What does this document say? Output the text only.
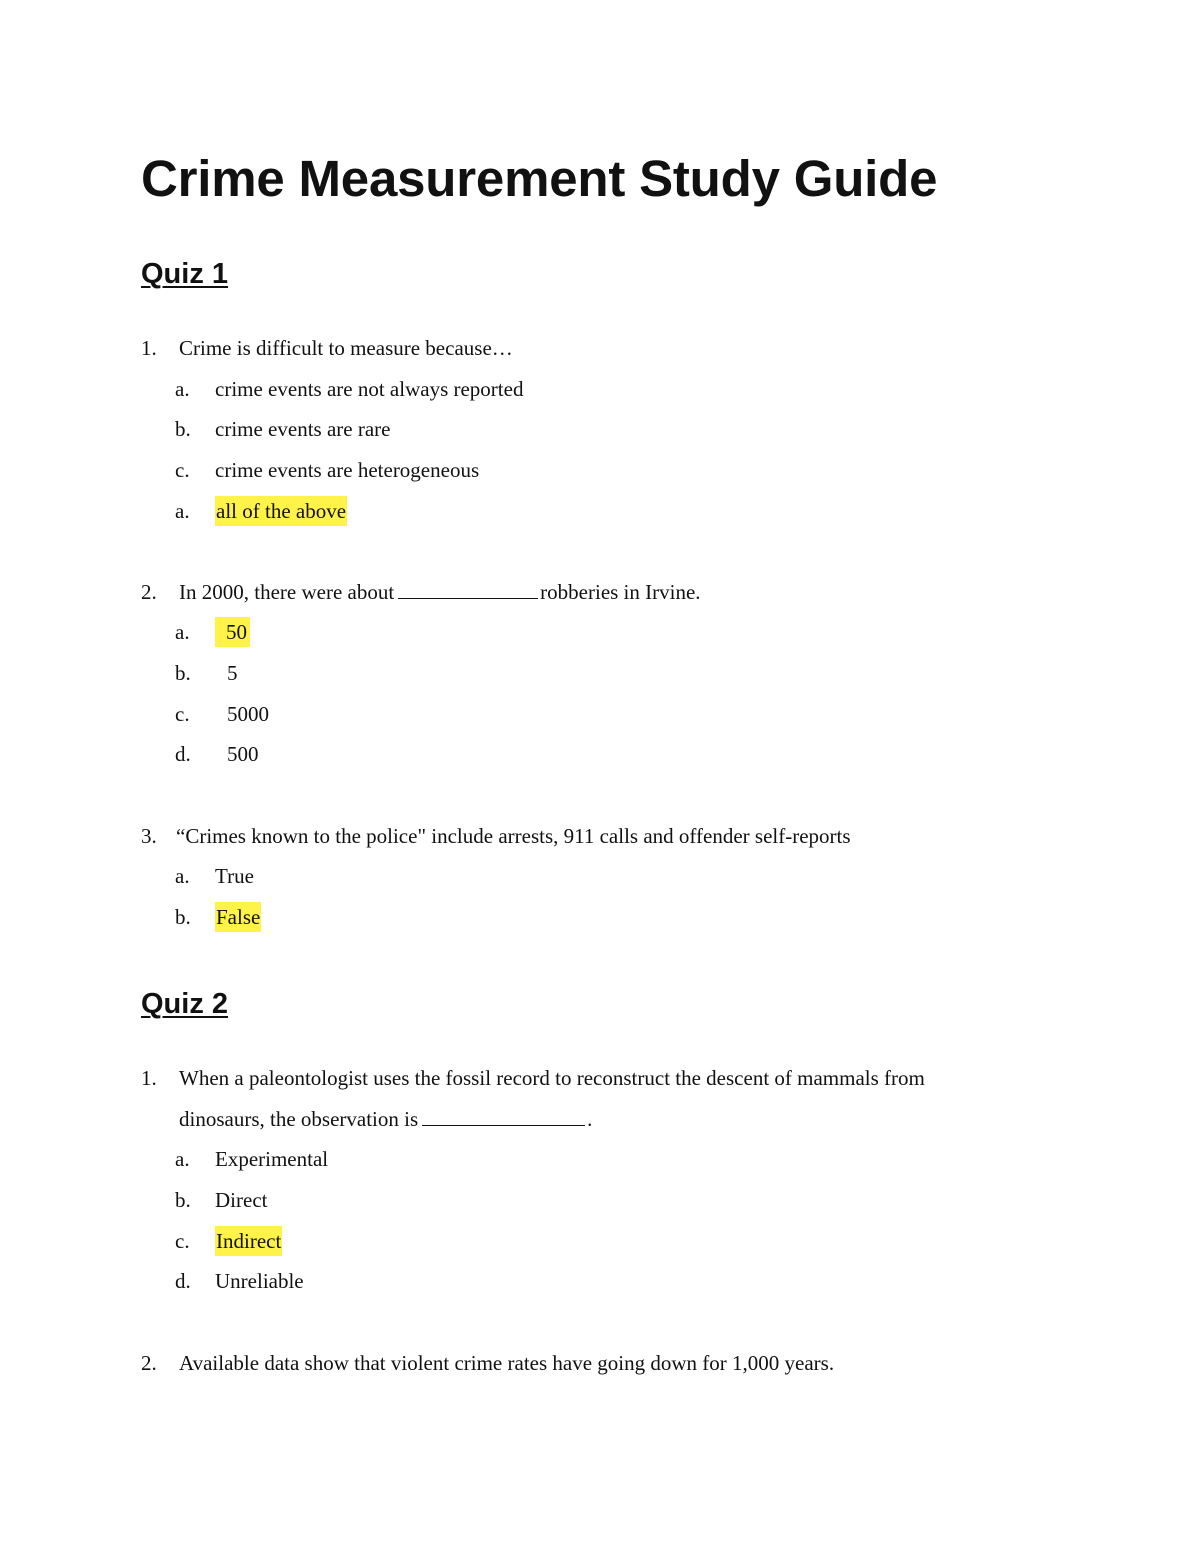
Crime Measurement Study Guide
Quiz 1
1. Crime is difficult to measure because…
a. crime events are not always reported
b. crime events are rare
c. crime events are heterogeneous
a. all of the above
2. In 2000, there were about	robberies in Irvine.
a.	50
b.	5
c.	5000
d.	500
3. “Crimes known to the police" include arrests, 911 calls and offender self-reports
a. True
b. False
Quiz 2
1. When a paleontologist uses the fossil record to reconstruct the descent of mammals from
dinosaurs, the observation is	.
a. Experimental
b. Direct
c. Indirect
d. Unreliable
2. Available data show that violent crime rates have going down for 1,000 years.
